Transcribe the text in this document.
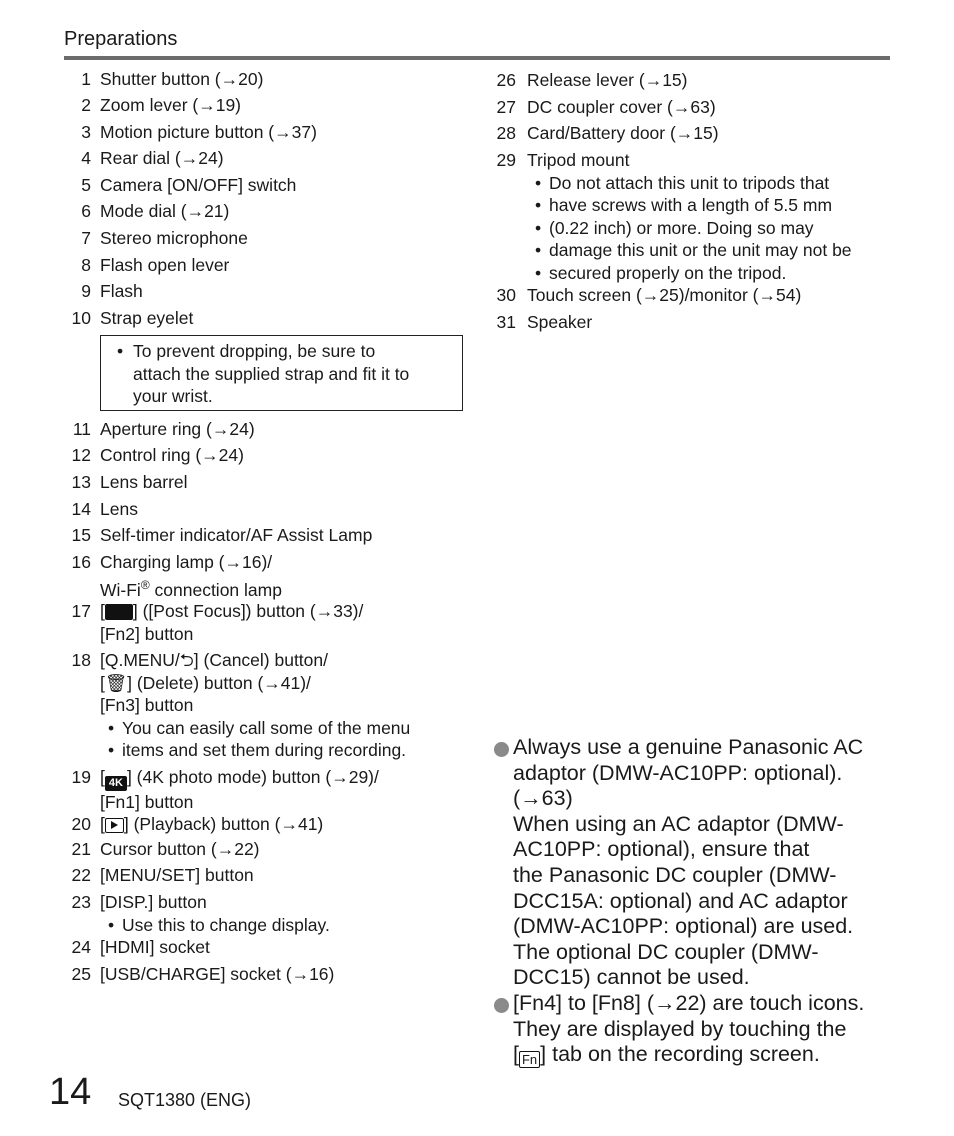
Preparations
1 Shutter button (→20)
2 Zoom lever (→19)
3 Motion picture button (→37)
4 Rear dial (→24)
5 Camera [ON/OFF] switch
6 Mode dial (→21)
7 Stereo microphone
8 Flash open lever
9 Flash
10 Strap eyelet
• To prevent dropping, be sure to
attach the supplied strap and fit it to
your wrist.
11 Aperture ring (→24)
12 Control ring (→24)
13 Lens barrel
14 Lens
15 Self-timer indicator/AF Assist Lamp
16 Charging lamp (→16)/
Wi-Fi® connection lamp
17 [ ] ([Post Focus]) button (→33)/
[Fn2] button
18 [Q.MENU/⮌] (Cancel) button/
[🗑] (Delete) button (→41)/
[Fn3] button

• You can easily call some of the menu
• items and set them during recording.
19 [ 4K ] (4K photo mode) button (→29)/
[Fn1] button
20 [ ] (Playback) button (→41)
21 Cursor button (→22)
22 [MENU/SET] button
23 [DISP.] button

• Use this to change display.
24 [HDMI] socket
25 [USB/CHARGE] socket (→16)
26 Release lever (→15)
27 DC coupler cover (→63)
28 Card/Battery door (→15)
29 Tripod mount

• Do not attach this unit to tripods that
• have screws with a length of 5.5 mm
• (0.22 inch) or more. Doing so may
• damage this unit or the unit may not be
• secured properly on the tripod.
30 Touch screen (→25)/monitor (→54)
31 Speaker
Always use a genuine Panasonic AC
adaptor (DMW-AC10PP: optional).
(→63)
When using an AC adaptor (DMW-
AC10PP: optional), ensure that
the Panasonic DC coupler (DMW-
DCC15A: optional) and AC adaptor
(DMW-AC10PP: optional) are used.
The optional DC coupler (DMW-
DCC15) cannot be used.
[Fn4] to [Fn8] (→22) are touch icons.
They are displayed by touching the
[ Fn ] tab on the recording screen.
14 SQT1380 (ENG)
